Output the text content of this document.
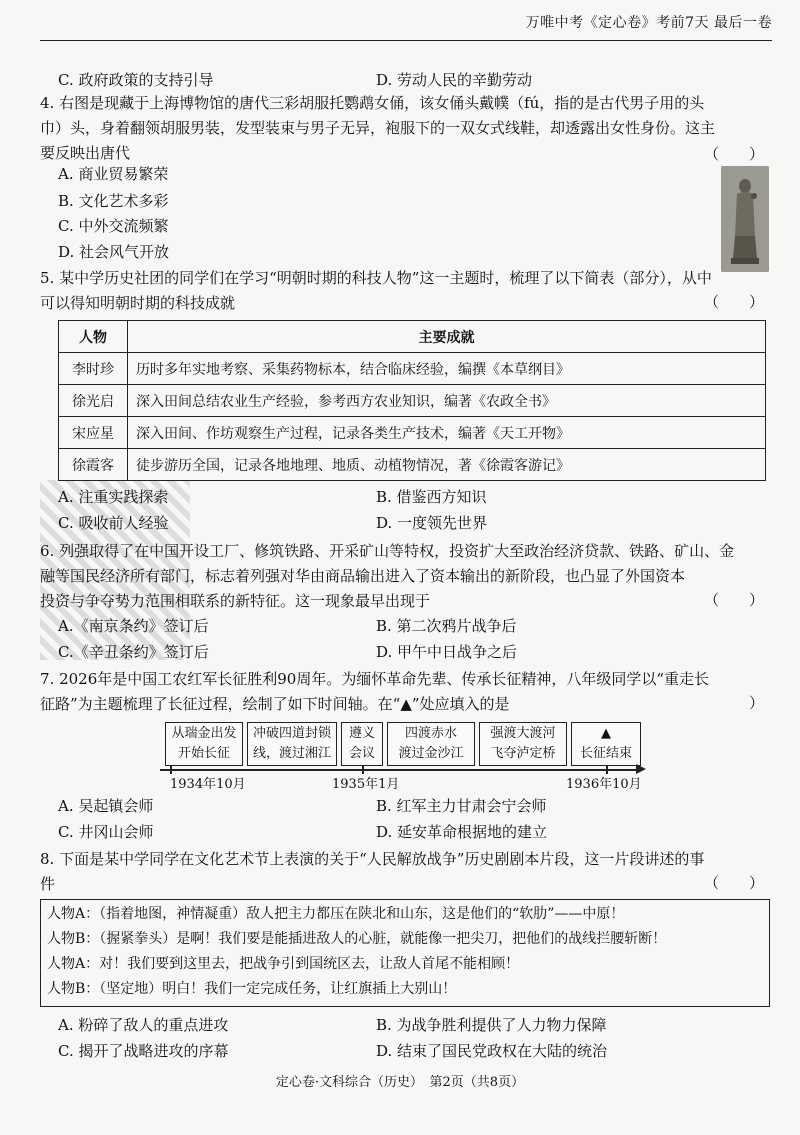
万唯中考《定心卷》考前7天 最后一卷
C. 政府政策的支持引导	D. 劳动人民的辛勤劳动
4. 右图是现藏于上海博物馆的唐代三彩胡服托鹦鹉女俑，该女俑头戴幞（fú，指的是古代男子用的头
巾）头，身着翻领胡服男装，发型装束与男子无异，袍服下的一双女式线鞋，却透露出女性身份。这主
要反映出唐代	（　　）
A. 商业贸易繁荣
B. 文化艺术多彩
C. 中外交流频繁
D. 社会风气开放
5. 某中学历史社团的同学们在学习“明朝时期的科技人物”这一主题时，梳理了以下简表（部分），从中
可以得知明朝时期的科技成就	（　　）
人物	主要成就
李时珍	历时多年实地考察、采集药物标本，结合临床经验，编撰《本草纲目》
徐光启	深入田间总结农业生产经验，参考西方农业知识，编著《农政全书》
宋应星	深入田间、作坊观察生产过程，记录各类生产技术，编著《天工开物》
徐霞客	徒步游历全国，记录各地地理、地质、动植物情况，著《徐霞客游记》
A. 注重实践探索	B. 借鉴西方知识
C. 吸收前人经验	D. 一度领先世界
6. 列强取得了在中国开设工厂、修筑铁路、开采矿山等特权，投资扩大至政治经济贷款、铁路、矿山、金
融等国民经济所有部门，标志着列强对华由商品输出进入了资本输出的新阶段，也凸显了外国资本
投资与争夺势力范围相联系的新特征。这一现象最早出现于	（　　）
A.《南京条约》签订后	B. 第二次鸦片战争后
C.《辛丑条约》签订后	D. 甲午中日战争之后
7. 2026年是中国工农红军长征胜利90周年。为缅怀革命先辈、传承长征精神，八年级同学以“重走长
征路”为主题梳理了长征过程，绘制了如下时间轴。在“▲”处应填入的是	）
从瑞金出发
开始长征
冲破四道封锁
线，渡过湘江
遵义
会议
四渡赤水
渡过金沙江
强渡大渡河
飞夺泸定桥
▲
长征结束
1934年10月	1935年1月	1936年10月
A. 吴起镇会师	B. 红军主力甘肃会宁会师
C. 井冈山会师	D. 延安革命根据地的建立
8. 下面是某中学同学在文化艺术节上表演的关于“人民解放战争”历史剧剧本片段，这一片段讲述的事
件	（　　）
人物A：（指着地图，神情凝重）敌人把主力都压在陕北和山东，这是他们的“软肋”——中原！
人物B：（握紧拳头）是啊！我们要是能插进敌人的心脏，就能像一把尖刀，把他们的战线拦腰斩断！
人物A：对！我们要到这里去，把战争引到国统区去，让敌人首尾不能相顾！
人物B：（坚定地）明白！我们一定完成任务，让红旗插上大别山！
A. 粉碎了敌人的重点进攻	B. 为战争胜利提供了人力物力保障
C. 揭开了战略进攻的序幕	D. 结束了国民党政权在大陆的统治
定心卷·文科综合（历史）　第2页（共8页）
